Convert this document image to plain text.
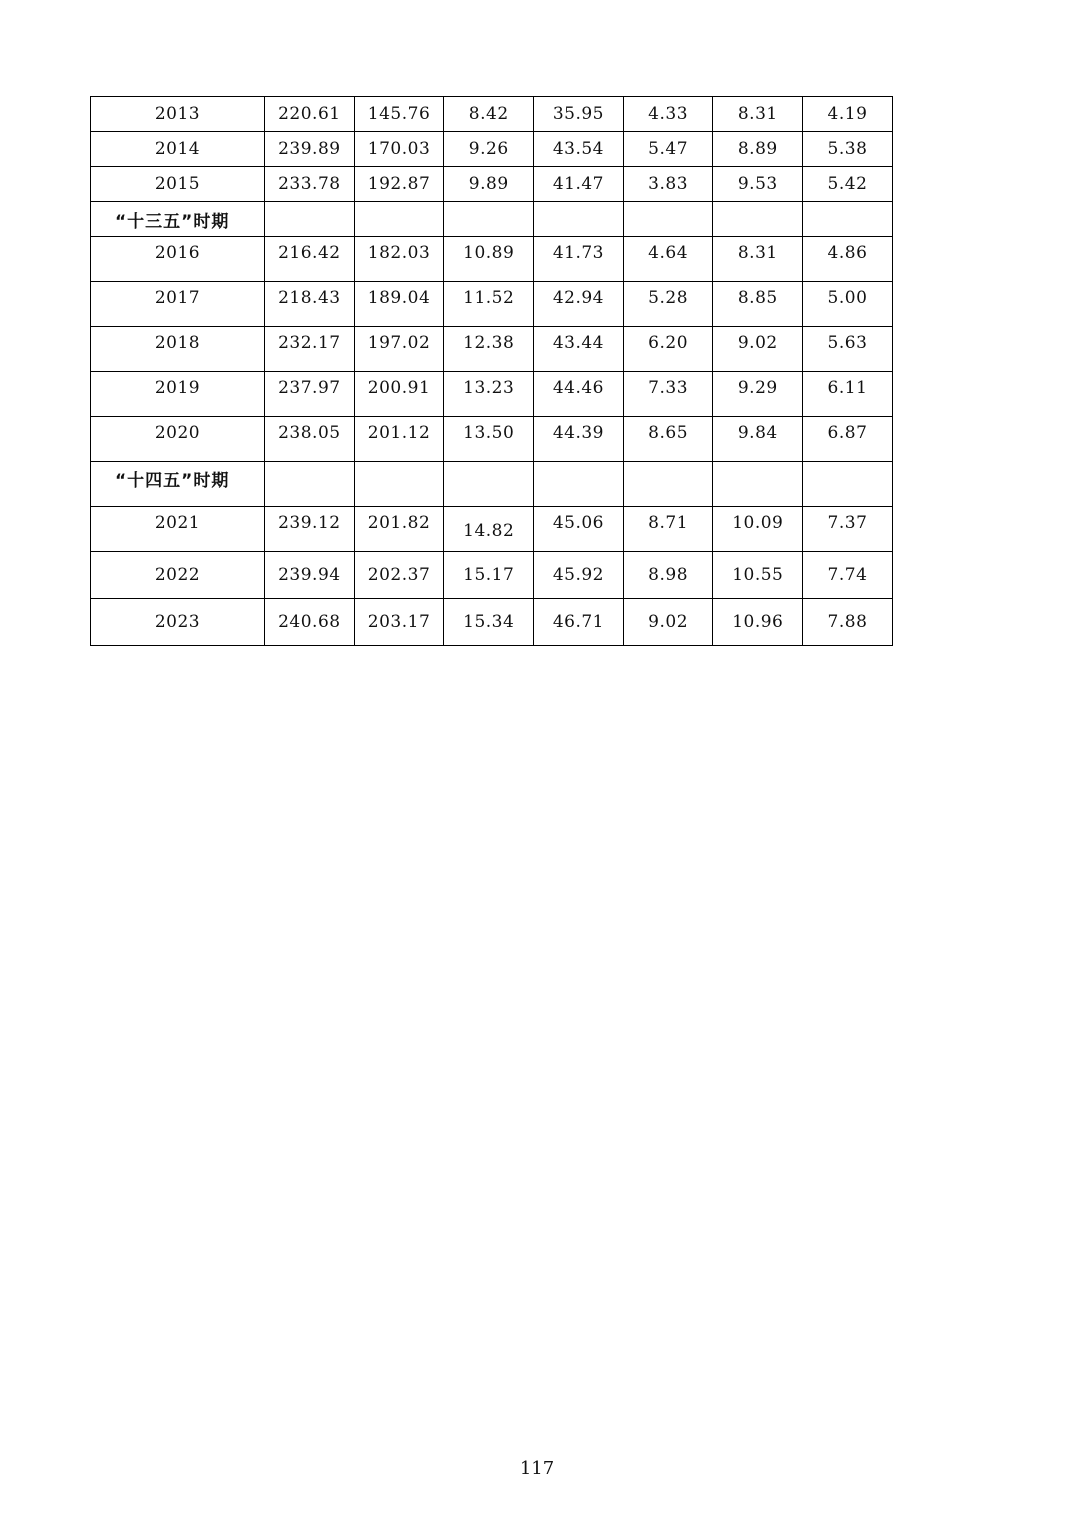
2013	220.61	145.76	8.42	35.95	4.33	8.31	4.19
2014	239.89	170.03	9.26	43.54	5.47	8.89	5.38
2015	233.78	192.87	9.89	41.47	3.83	9.53	5.42
“十三五”时期							
2016	216.42	182.03	10.89	41.73	4.64	8.31	4.86
2017	218.43	189.04	11.52	42.94	5.28	8.85	5.00
2018	232.17	197.02	12.38	43.44	6.20	9.02	5.63
2019	237.97	200.91	13.23	44.46	7.33	9.29	6.11
2020	238.05	201.12	13.50	44.39	8.65	9.84	6.87
“十四五”时期							
2021	239.12	201.82	14.82	45.06	8.71	10.09	7.37
2022	239.94	202.37	15.17	45.92	8.98	10.55	7.74
2023	240.68	203.17	15.34	46.71	9.02	10.96	7.88
117
